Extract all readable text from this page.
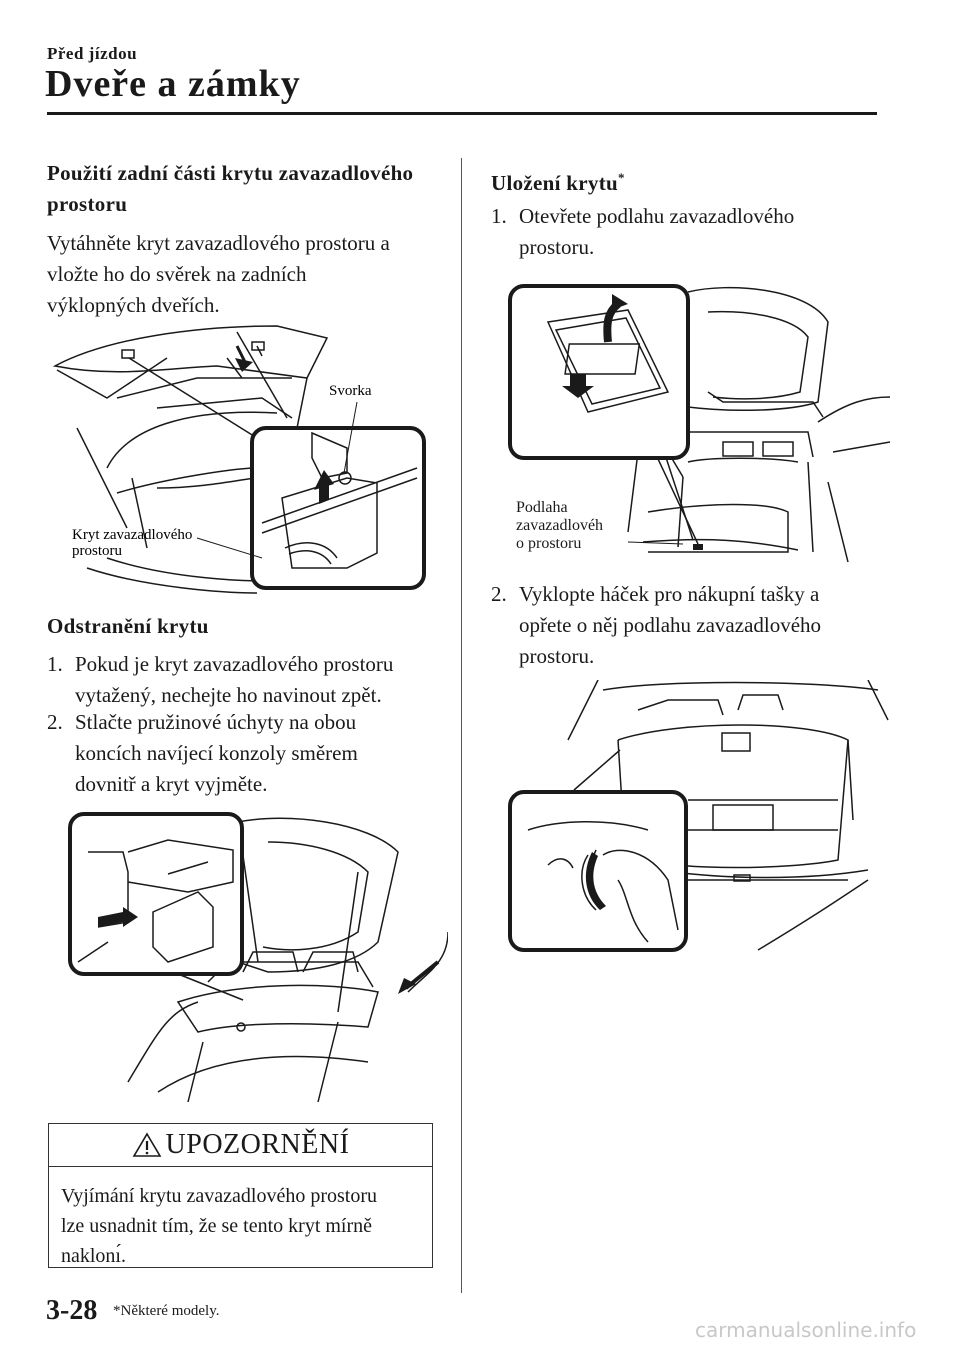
Před jízdou
Dveře a zámky
Použití zadní části krytu zavazadlového
prostoru
Vytáhněte kryt zavazadlového prostoru a
vložte ho do svěrek na zadních
výklopných dveřích.
Svorka
Kryt zavazadlového
prostoru
Odstranění krytu
1. Pokud je kryt zavazadlového prostoru
vytažený, nechejte ho navinout zpět.
2. Stlačte pružinové úchyty na obou
koncích navíjecí konzoly směrem
dovnitř a kryt vyjměte.
UPOZORNĚNÍ
Vyjímání krytu zavazadlového prostoru
lze usnadnit tím, že se tento kryt mírně
naklonı́.
Uložení krytu*
1. Otevřete podlahu zavazadlového
prostoru.
Podlaha
zavazadlovéh
o prostoru
2. Vyklopte háček pro nákupní tašky a
opřete o něj podlahu zavazadlového
prostoru.
3-28 *Některé modely.
carmanualsonline.info
